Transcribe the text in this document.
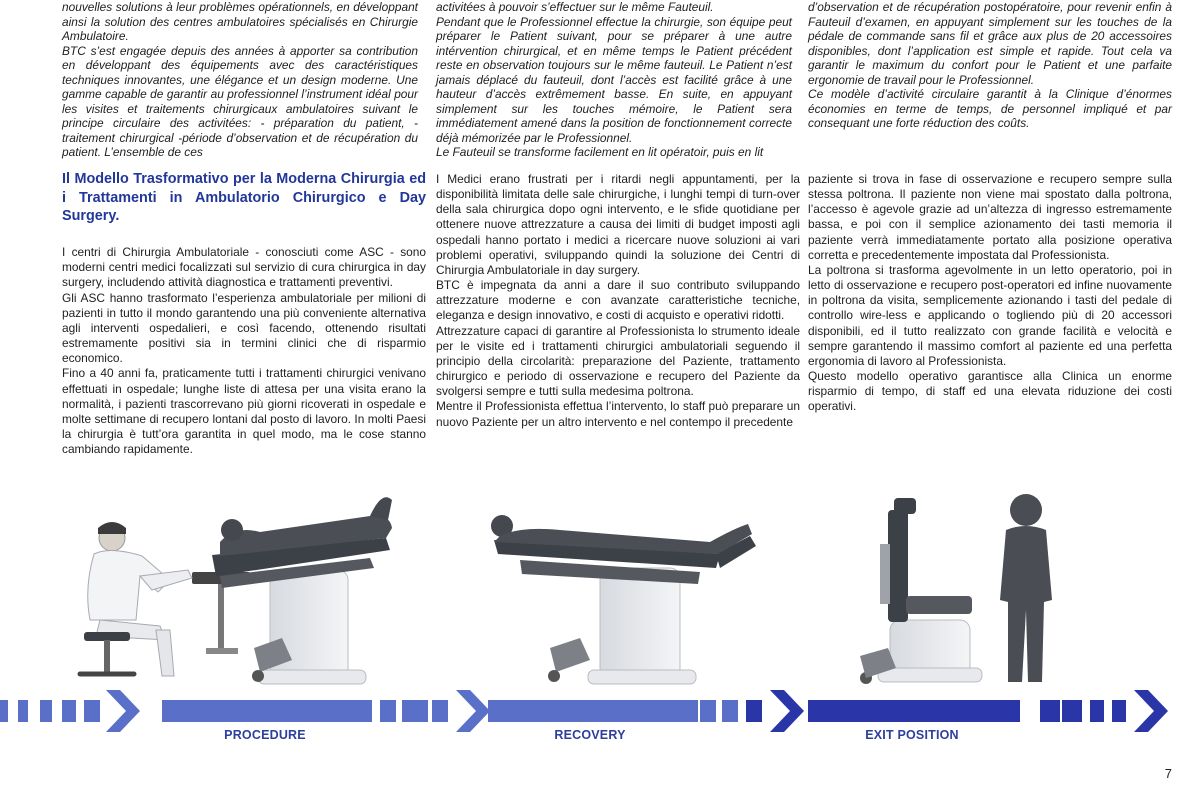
nouvelles solutions à leur problèmes opérationnels, en développant ainsi la solution des centres ambulatoires spécialisés en Chirurgie Ambulatoire.

BTC s’est engagée depuis des années à apporter sa contribution en développant des équipements avec des caractéristiques techniques innovantes, une élégance et un design moderne. Une gamme capable de garantir au professionnel l’instrument idéal pour les visites et traitements chirurgicaux ambulatoires suivant le principe circulaire des activitées: - préparation du patient, - traitement chirurgical -période d’observation et de récupération du patient. L’ensemble de ces

activitées à pouvoir s’effectuer sur le même Fauteuil.

Pendant que le Professionnel effectue la chirurgie, son équipe peut préparer le Patient suivant, pour se préparer à une autre intérvention chirurgical, et en même temps le Patient précédent reste en observation toujours sur le même fauteuil. Le Patient n’est jamais déplacé du fauteuil, dont l’accès est facilité grâce à une hauteur d’accès extrêmement basse. En suite, en appuyant simplement sur les touches mémoire, le Patient sera immédiatement amené dans la position de fonctionnement correcte déjà mémorizée par le Professionnel.

Le Fauteuil se transforme facilement en lit opératoir, puis en lit

d’observation et de récupération postopératoire, pour revenir enfin à Fauteuil d’examen, en appuyant simplement sur les touches de la pédale de commande sans fil et grâce aux plus de 20 accessoires disponibles, dont l’application est simple et rapide. Tout cela va garantir le maximum du confort pour le Patient et une parfaite ergonomie de travail pour le Professionnel.

Ce modèle d’activité circulaire garantit à la Clinique d’énormes économies en terme de temps, de personnel impliqué et par consequant une forte réduction des coûts.

Il Modello Trasformativo per la Moderna Chirurgia ed i Trattamenti in Ambulatorio Chirurgico e Day Surgery.

I centri di Chirurgia Ambulatoriale - conosciuti come ASC - sono moderni centri medici focalizzati sul servizio di cura chirurgica in day surgery, includendo attività diagnostica e trattamenti preventivi.

Gli ASC hanno trasformato l’esperienza ambulatoriale per milioni di pazienti in tutto il mondo garantendo una più conveniente alternativa agli interventi ospedalieri, e così facendo, ottenendo risultati estremamente positivi sia in termini clinici che di risparmio economico.

Fino a 40 anni fa, praticamente tutti i trattamenti chirurgici venivano effettuati in ospedale; lunghe liste di attesa per una visita erano la normalità, i pazienti trascorrevano più giorni ricoverati in ospedale e molte settimane di recupero lontani dal posto di lavoro. In molti Paesi la chirurgia è tutt’ora garantita in quel modo, ma le cose stanno cambiando rapidamente.

I Medici erano frustrati per i ritardi negli appuntamenti, per la disponibilità limitata delle sale chirurgiche, i lunghi tempi di turn-over della sala chirurgica dopo ogni intervento, e le sfide quotidiane per ottenere nuove attrezzature a causa dei limiti di budget imposti agli ospedali hanno portato i medici a ricercare nuove soluzioni ai vari problemi operativi, sviluppando quindi la soluzione dei Centri di Chirurgia Ambulatoriale in day surgery.

BTC è impegnata da anni a dare il suo contributo sviluppando attrezzature moderne e con avanzate caratteristiche tecniche, eleganza e design innovativo, e costi di acquisto e operativi ridotti.

Attrezzature capaci di garantire al Professionista lo strumento ideale per le visite ed i trattamenti chirurgici ambulatoriali seguendo il principio della circolarità: preparazione del Paziente, trattamento chirurgico e periodo di osservazione e recupero del Paziente da svolgersi sempre e tutti sulla medesima poltrona.

Mentre il Professionista effettua l’intervento, lo staff può preparare un nuovo Paziente per un altro intervento e nel contempo il precedente

paziente si trova in fase di osservazione e recupero sempre sulla stessa poltrona. Il paziente non viene mai spostato dalla poltrona, l’accesso è agevole grazie ad un’altezza di ingresso estremamente bassa, e poi con il semplice azionamento dei tasti memoria il paziente verrà immediatamente portato alla posizione operativa corretta e precedentemente impostata dal Professionista.

La poltrona si trasforma agevolmente in un letto operatorio, poi in letto di osservazione e recupero post-operatori ed infine nuovamente in poltrona da visita, semplicemente azionando i tasti del pedale di controllo wire-less e applicando o togliendo più di 20 accessori disponibili, ed il tutto realizzato con grande facilità e velocità e sempre garantendo il massimo comfort al paziente ed una perfetta ergonomia di lavoro al Professionista.

Questo modello operativo garantisce alla Clinica un enorme risparmio di tempo, di staff ed una elevata riduzione dei costi operativi.

PROCEDURE	RECOVERY	EXIT POSITION
7
